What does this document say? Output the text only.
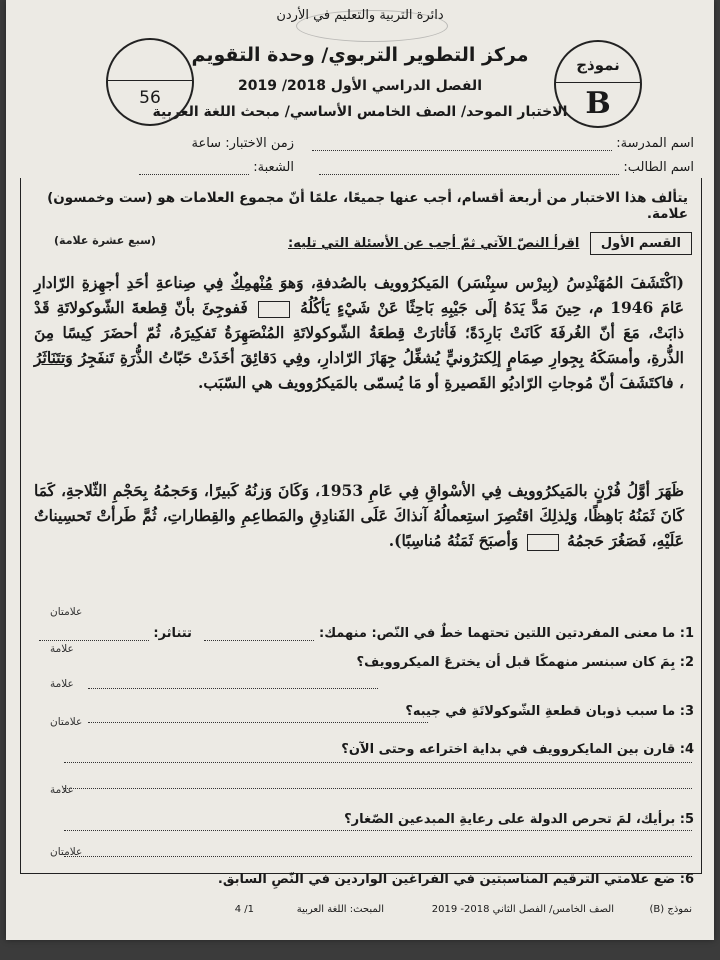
دائرة التربية والتعليم في الأردن
مركز التطوير التربوي/ وحدة التقويم
الفصل الدراسي الأول 2018/ 2019
الاختبار الموحد/ الصف الخامس الأساسي/ مبحث اللغة العربية
56
نموذج
B
اسم المدرسة:
زمن الاختبار: ساعة
اسم الطالب:
الشعبة:
يتألف هذا الاختبار من أربعة أقسام، أجب عنها جميعًا، علمًا أنّ مجموع العلامات هو (ست وخمسون) علامة.
القسم الأول اقرأ النصّ الآتي ثمّ أجب عن الأسئلة التي تليه:
(سبع عشرة علامة)
(اكْتَشَفَ المُهَنْدِسُ (بِيرْس سبِنْسَر) المَيكرُوويف بالصُدفةِ، وَهوَ مُنْهمِكٌ فِي صِناعةِ أحَدِ أجهِزةِ الرّادارِ عَامَ 1946 م، حِينَ مَدَّ يَدَهُ إلَى جَيْبِهِ بَاحِثًا عَنْ شَيْءٍ يَأكُلُهُ  فَفوجِئَ بأنّ قِطعةَ الشّوكولاتَةِ قَدْ ذابَتْ، مَعَ أنّ الغُرفَةَ كَانَتْ بَارِدَةً؛ فَأثارَتْ قِطعَةُ الشّوكولاتَةِ المُنْصَهِرَةُ تَفكِيرَهُ، ثُمّ أحضَرَ كِيسًا مِنَ الذُّرةِ، وأمسَكَهُ بِجِوارِ صِمَامٍ إلِكترُونيٍّ يُشغِّلُ جِهَازَ الرّادارِ، وفِي دَقائِقَ أخَذَتْ حَبّاتُ الذُّرَةِ تَنفَجِرُ وَتتَنَاثَرُ ، فاكتَشَفَ أنّ مُوجاتِ الرّاديُو القَصيرةِ أو مَا يُسمّى بالمَيكرُوويف هي السّبَب.
ظَهَرَ أوَّلُ فُرْنٍ بالمَيكرُوويف فِي الأسْواقِ فِي عَامِ 1953، وَكَانَ وَزنُهُ كَبيرًا، وَحَجمُهُ بِحَجْمِ الثّلاجةِ، كَمَا كَانَ ثَمَنُهُ بَاهِظًا، وَلِذلِكَ اقتُصِرَ استِعمالُهُ آنذاكَ عَلَى الفَنادِقِ والمَطاعِمِ والقِطاراتِ، ثُمَّ طَرأتْ تَحسِيناتٌ عَلَيْهِ، فَصَغُرَ حَجمُهُ  وَأصبَحَ ثَمَنُهُ مُناسِبًا).
1: ما معنى المفردتين اللتين تحتهما خطٌ في النّص: منهمك:  تتناثر:
علامتان
2: بِمَ كان سبنسر منهمكًا قبل أن يخترعَ الميكروويف؟
علامة
3: ما سبب ذوبان قطعةِ الشّوكولاتَةِ في جيبه؟
علامة
4: قارن بين المايكروويف في بداية اختراعه وحتى الآن؟
علامتان
5: برأيك، لمَ تحرص الدولة على رعايةِ المبدعين الصّغار؟
علامة
6: ضع علامتي الترقيم المناسبتين في الفراغين الواردين في النّصِ السابق.
علامتان
نموذج (B)
الصف الخامس/ الفصل الثاني 2018- 2019
المبحث: اللغة العربية
1/ 4
